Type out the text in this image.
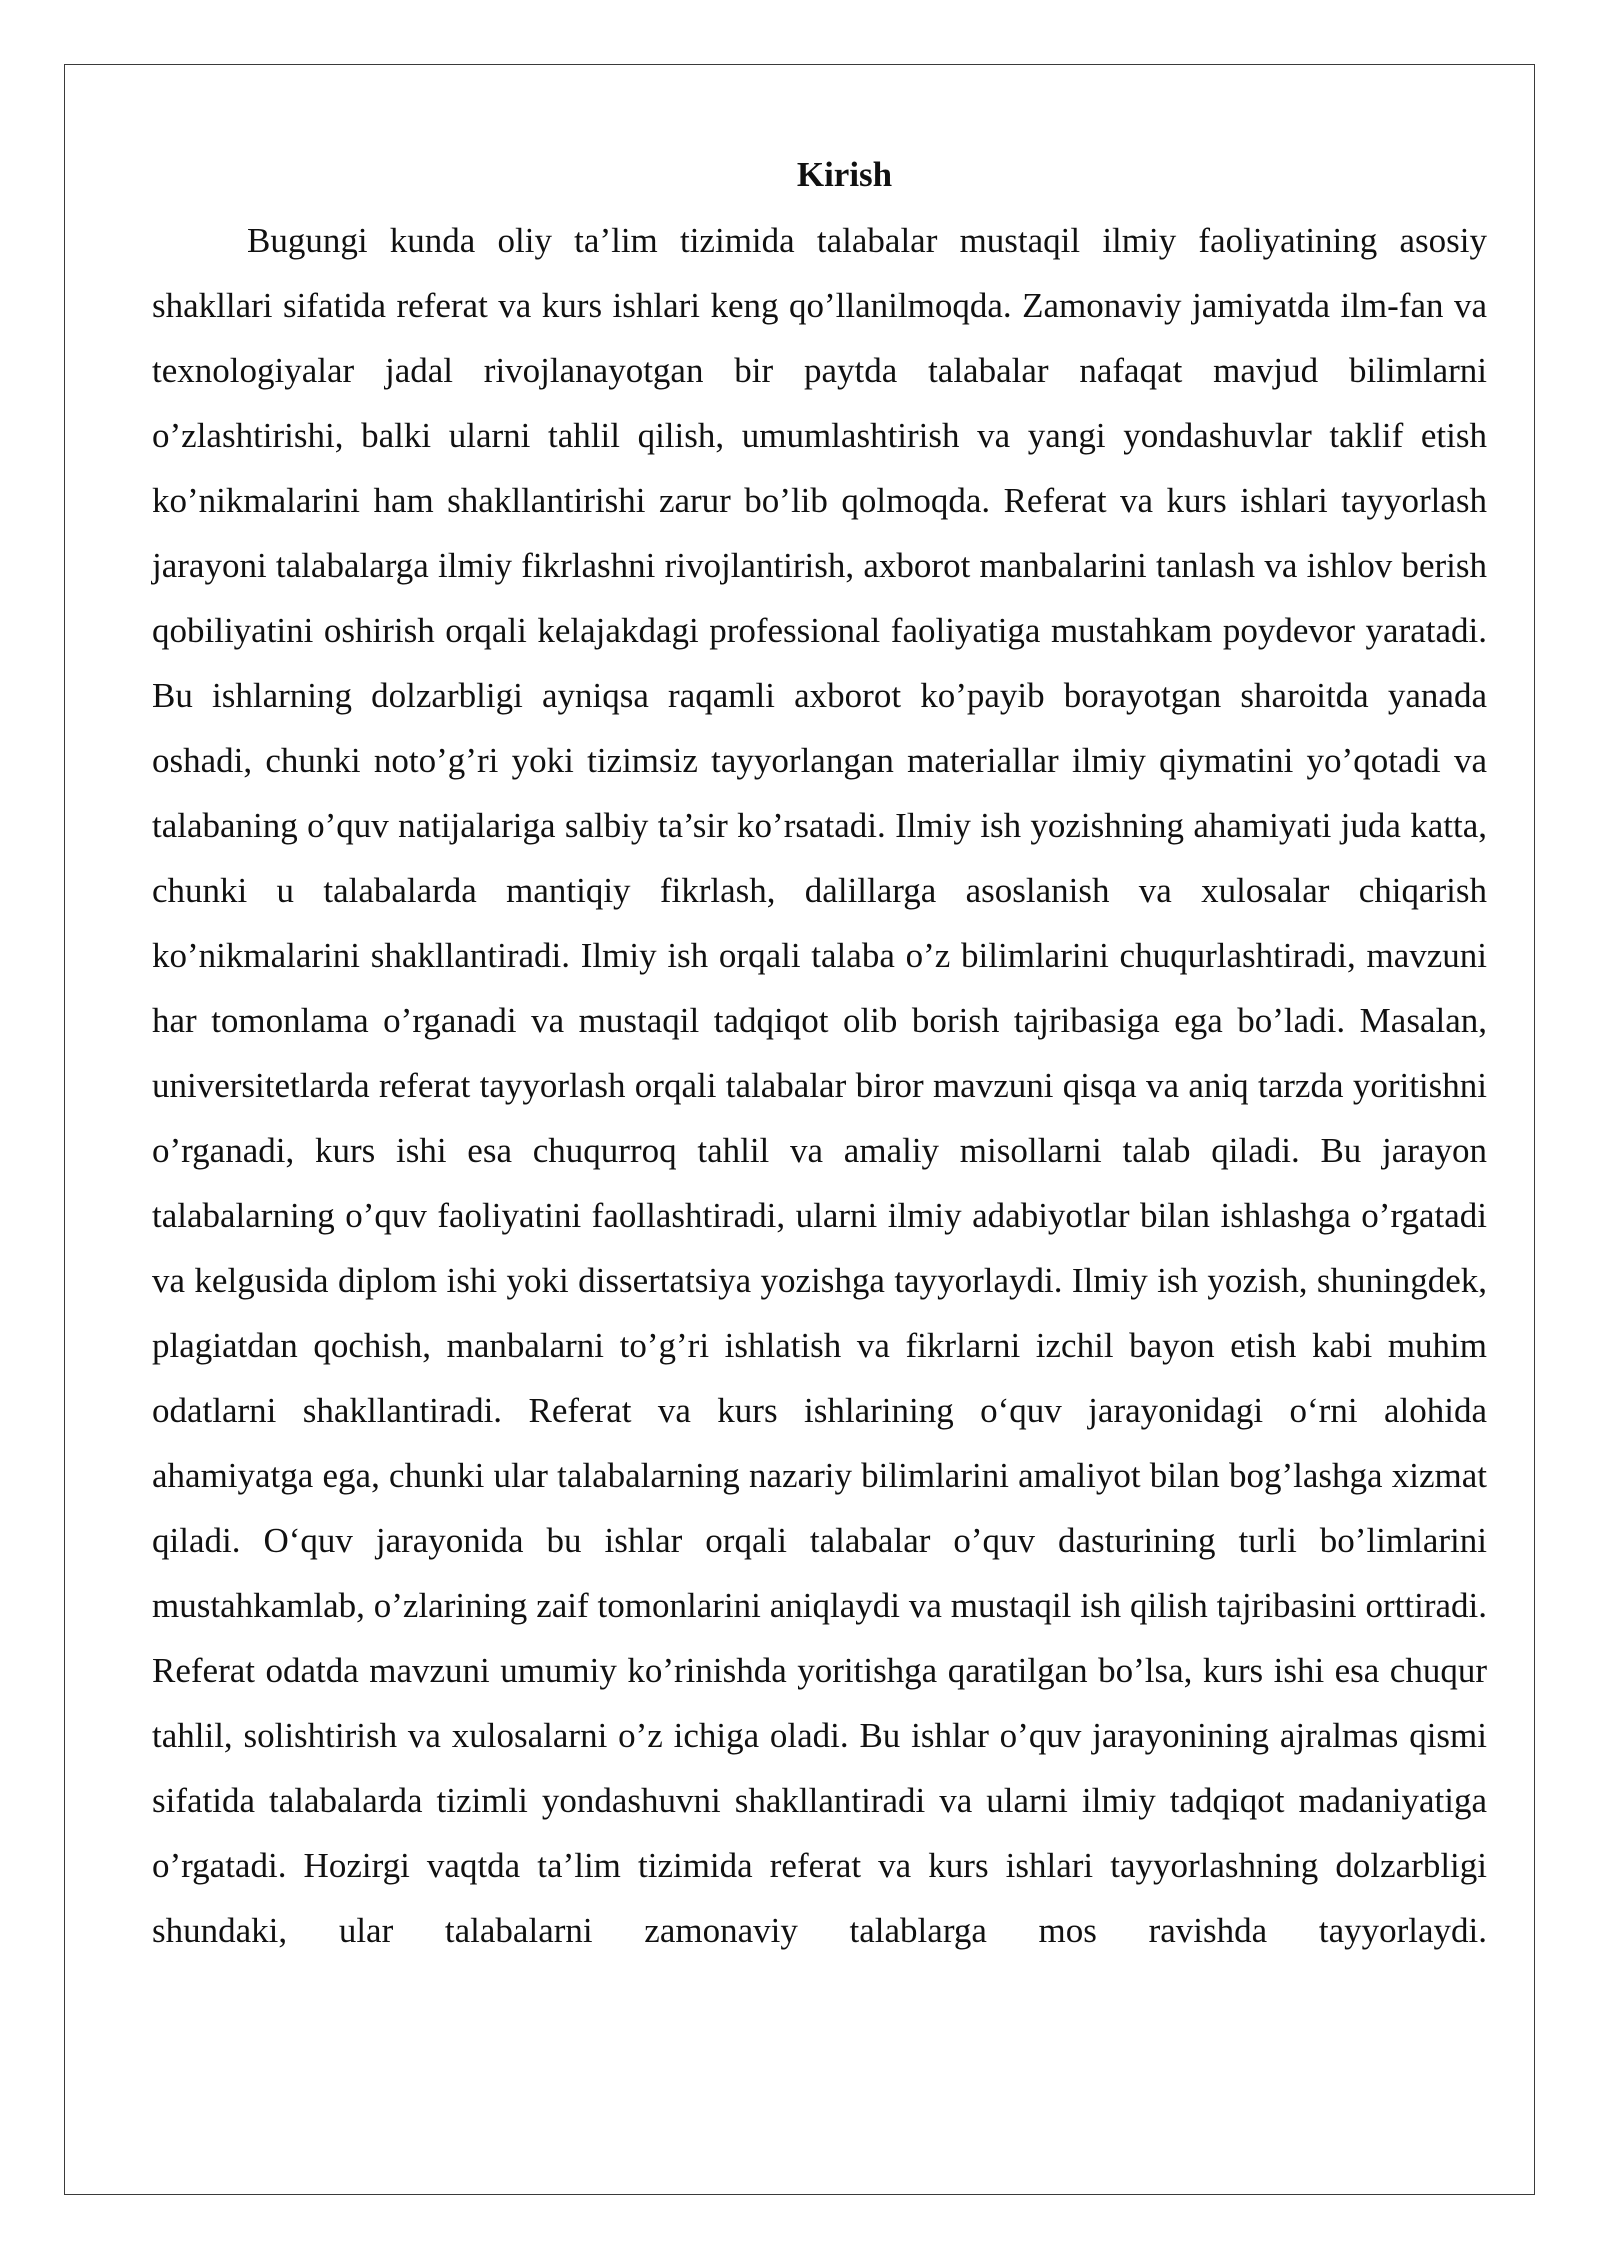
Kirish

Bugungi kunda oliy ta’lim tizimida talabalar mustaqil ilmiy faoliyatining asosiy shakllari sifatida referat va kurs ishlari keng qo’llanilmoqda. Zamonaviy jamiyatda ilm-fan va texnologiyalar jadal rivojlanayotgan bir paytda talabalar nafaqat mavjud bilimlarni o’zlashtirishi, balki ularni tahlil qilish, umumlashtirish va yangi yondashuvlar taklif etish ko’nikmalarini ham shakllantirishi zarur bo’lib qolmoqda. Referat va kurs ishlari tayyorlash jarayoni talabalarga ilmiy fikrlashni rivojlantirish, axborot manbalarini tanlash va ishlov berish qobiliyatini oshirish orqali kelajakdagi professional faoliyatiga mustahkam poydevor yaratadi. Bu ishlarning dolzarbligi ayniqsa raqamli axborot ko’payib borayotgan sharoitda yanada oshadi, chunki noto’g’ri yoki tizimsiz tayyorlangan materiallar ilmiy qiymatini yo’qotadi va talabaning o’quv natijalariga salbiy ta’sir ko’rsatadi. Ilmiy ish yozishning ahamiyati juda katta, chunki u talabalarda mantiqiy fikrlash, dalillarga asoslanish va xulosalar chiqarish ko’nikmalarini shakllantiradi. Ilmiy ish orqali talaba o’z bilimlarini chuqurlashtiradi, mavzuni har tomonlama o’rganadi va mustaqil tadqiqot olib borish tajribasiga ega bo’ladi. Masalan, universitetlarda referat tayyorlash orqali talabalar biror mavzuni qisqa va aniq tarzda yoritishni o’rganadi, kurs ishi esa chuqurroq tahlil va amaliy misollarni talab qiladi. Bu jarayon talabalarning o’quv faoliyatini faollashtiradi, ularni ilmiy adabiyotlar bilan ishlashga o’rgatadi va kelgusida diplom ishi yoki dissertatsiya yozishga tayyorlaydi. Ilmiy ish yozish, shuningdek, plagiatdan qochish, manbalarni to’g’ri ishlatish va fikrlarni izchil bayon etish kabi muhim odatlarni shakllantiradi. Referat va kurs ishlarining o‘quv jarayonidagi o‘rni alohida ahamiyatga ega, chunki ular talabalarning nazariy bilimlarini amaliyot bilan bog’lashga xizmat qiladi. O‘quv jarayonida bu ishlar orqali talabalar o’quv dasturining turli bo’limlarini mustahkamlab, o’zlarining zaif tomonlarini aniqlaydi va mustaqil ish qilish tajribasini orttiradi. Referat odatda mavzuni umumiy ko’rinishda yoritishga qaratilgan bo’lsa, kurs ishi esa chuqur tahlil, solishtirish va xulosalarni o’z ichiga oladi. Bu ishlar o’quv jarayonining ajralmas qismi sifatida talabalarda tizimli yondashuvni shakllantiradi va ularni ilmiy tadqiqot madaniyatiga o’rgatadi. Hozirgi vaqtda ta’lim tizimida referat va kurs ishlari tayyorlashning dolzarbligi shundaki, ular talabalarni zamonaviy talablarga mos ravishda tayyorlaydi.
